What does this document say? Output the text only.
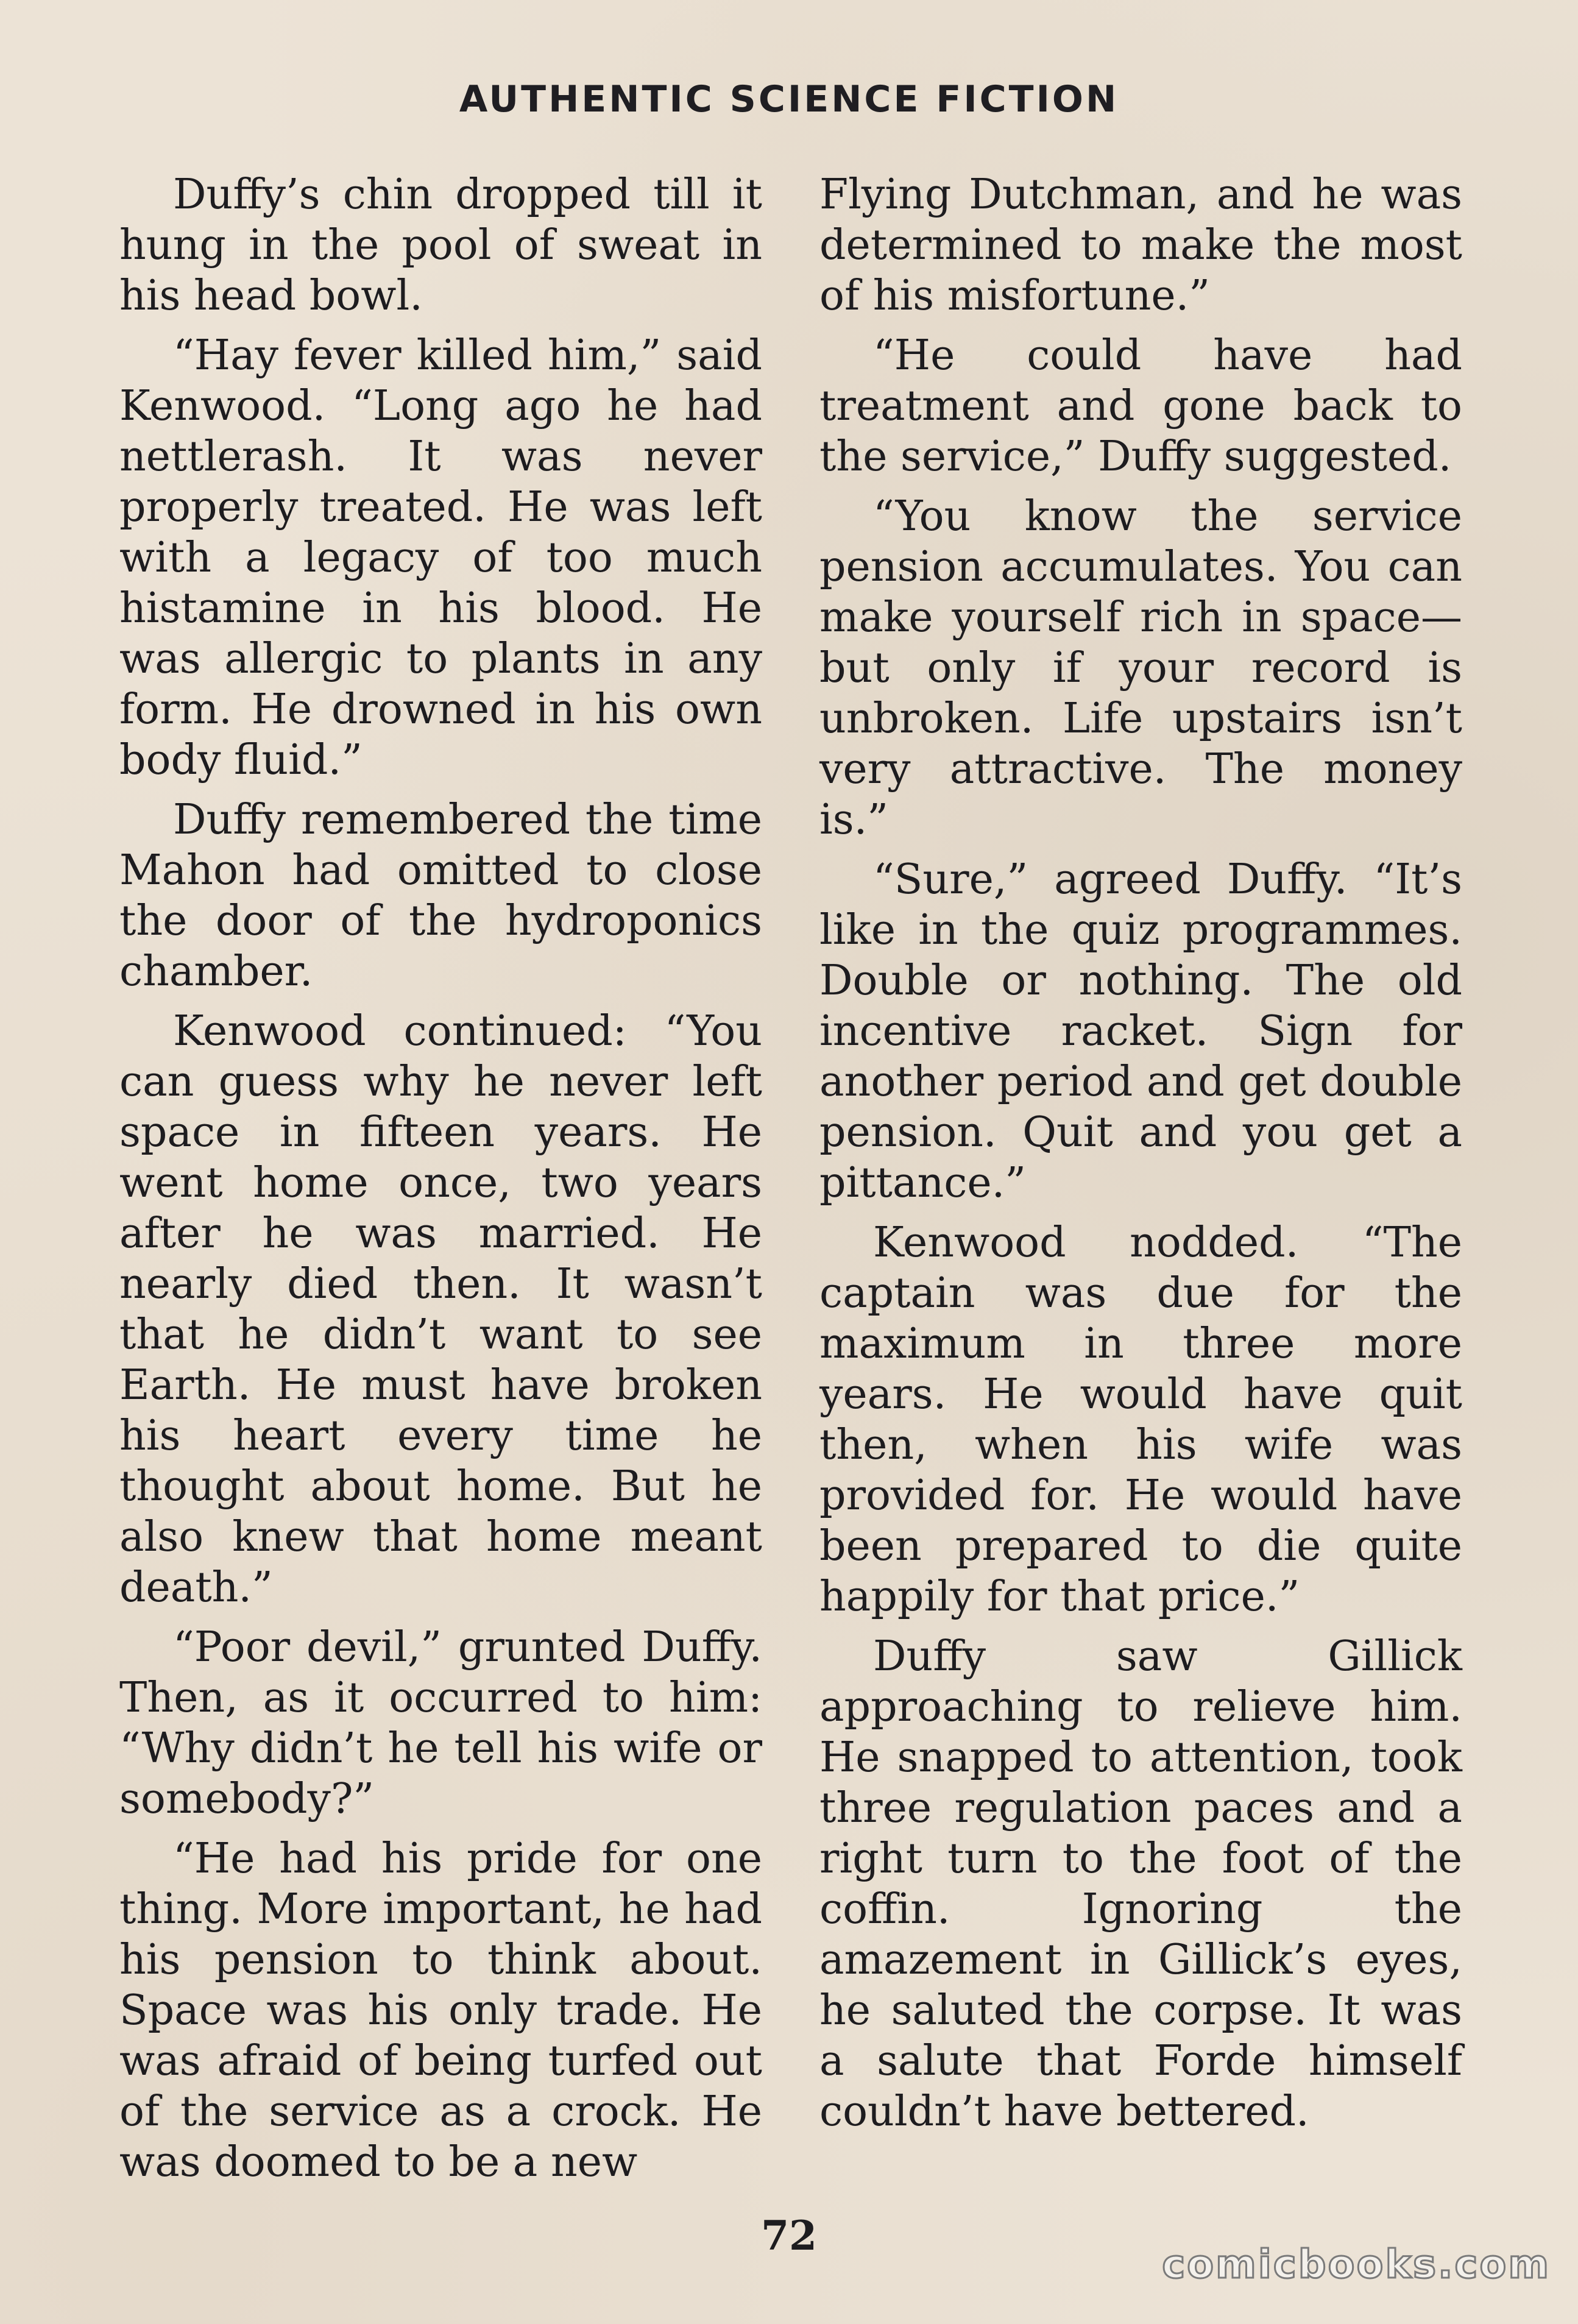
AUTHENTIC SCIENCE FICTION

Duffy’s chin dropped till it hung in the pool of sweat in his head bowl.

“Hay fever killed him,” said Kenwood. “Long ago he had nettlerash. It was never properly treated. He was left with a legacy of too much histamine in his blood. He was allergic to plants in any form. He drowned in his own body fluid.”

Duffy remembered the time Mahon had omitted to close the door of the hydroponics chamber.

Kenwood continued: “You can guess why he never left space in fifteen years. He went home once, two years after he was married. He nearly died then. It wasn’t that he didn’t want to see Earth. He must have broken his heart every time he thought about home. But he also knew that home meant death.”

“Poor devil,” grunted Duffy. Then, as it occurred to him: “Why didn’t he tell his wife or somebody?”

“He had his pride for one thing. More important, he had his pension to think about. Space was his only trade. He was afraid of being turfed out of the service as a crock. He was doomed to be a new

Flying Dutchman, and he was determined to make the most of his misfortune.”

“He could have had treatment and gone back to the service,” Duffy suggested.

“You know the service pension accumulates. You can make yourself rich in space—but only if your record is unbroken. Life upstairs isn’t very attractive. The money is.”

“Sure,” agreed Duffy. “It’s like in the quiz programmes. Double or nothing. The old incentive racket. Sign for another period and get double pension. Quit and you get a pittance.”

Kenwood nodded. “The captain was due for the maximum in three more years. He would have quit then, when his wife was provided for. He would have been prepared to die quite happily for that price.”

Duffy saw Gillick approaching to relieve him. He snapped to attention, took three regulation paces and a right turn to the foot of the coffin. Ignoring the amazement in Gillick’s eyes, he saluted the corpse. It was a salute that Forde himself couldn’t have bettered.

72
comicbooks.com
